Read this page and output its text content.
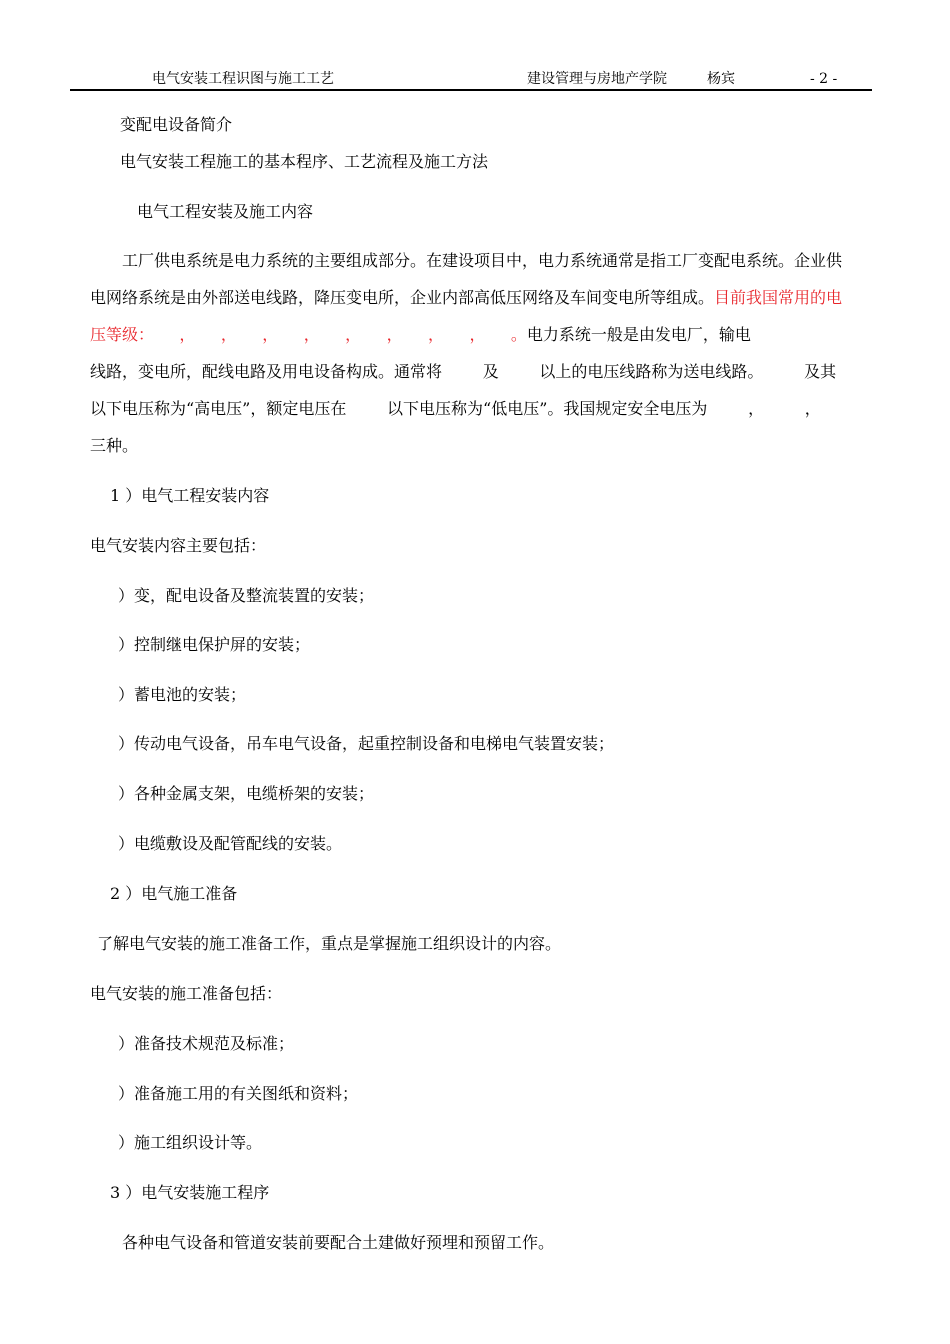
电气安装工程识图与施工工艺	建设管理与房地产学院	杨宾	- 2 -
变配电设备简介
电气安装工程施工的基本程序、工艺流程及施工方法
电气工程安装及施工内容
工厂供电系统是电力系统的主要组成部分。在建设项目中，电力系统通常是指工厂变配电系统。企业供
电网络系统是由外部送电线路，降压变电所，企业内部高低压网络及车间变电所等组成。目前我国常用的电
压等级：     ，     ，     ，     ，     ，     ，     ，     ，     。电力系统一般是由发电厂，输电
线路，变电所，配线电路及用电设备构成。通常将        及        以上的电压线路称为送电线路。        及其
以下电压称为“高电压”，额定电压在        以下电压称为“低电压”。我国规定安全电压为        ，        ，
三种。
1 ）电气工程安装内容
电气安装内容主要包括：
）变，配电设备及整流装置的安装；
）控制继电保护屏的安装；
）蓄电池的安装；
）传动电气设备，吊车电气设备，起重控制设备和电梯电气装置安装；
）各种金属支架，电缆桥架的安装；
）电缆敷设及配管配线的安装。
2 ）电气施工准备
了解电气安装的施工准备工作，重点是掌握施工组织设计的内容。
电气安装的施工准备包括：
）准备技术规范及标准；
）准备施工用的有关图纸和资料；
）施工组织设计等。
3 ）电气安装施工程序
各种电气设备和管道安装前要配合土建做好预埋和预留工作。
